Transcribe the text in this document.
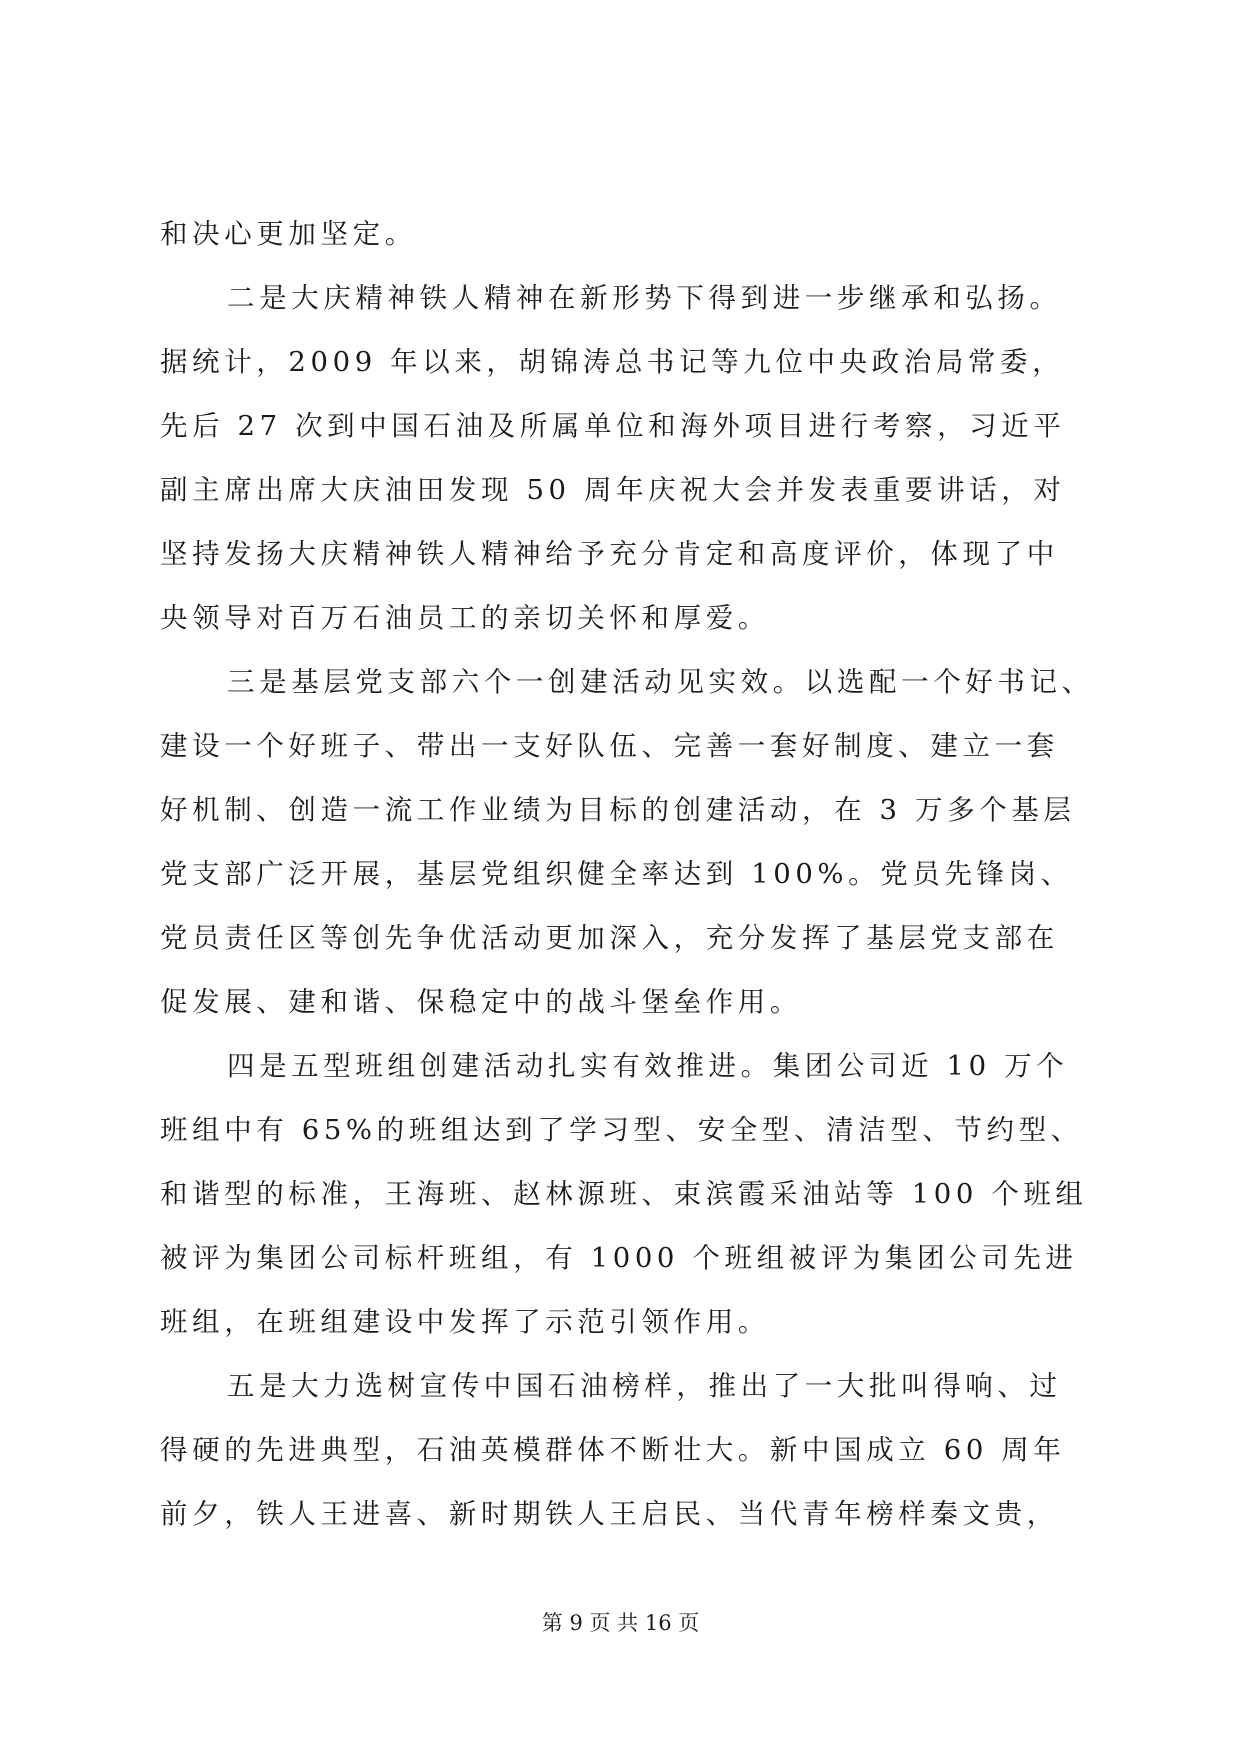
和决心更加坚定。
二是大庆精神铁人精神在新形势下得到进一步继承和弘扬。
据统计，2009 年以来，胡锦涛总书记等九位中央政治局常委，
先后 27 次到中国石油及所属单位和海外项目进行考察，习近平
副主席出席大庆油田发现 50 周年庆祝大会并发表重要讲话，对
坚持发扬大庆精神铁人精神给予充分肯定和高度评价，体现了中
央领导对百万石油员工的亲切关怀和厚爱。
三是基层党支部六个一创建活动见实效。以选配一个好书记、
建设一个好班子、带出一支好队伍、完善一套好制度、建立一套
好机制、创造一流工作业绩为目标的创建活动，在 3 万多个基层
党支部广泛开展，基层党组织健全率达到 100%。党员先锋岗、
党员责任区等创先争优活动更加深入，充分发挥了基层党支部在
促发展、建和谐、保稳定中的战斗堡垒作用。
四是五型班组创建活动扎实有效推进。集团公司近 10 万个
班组中有 65%的班组达到了学习型、安全型、清洁型、节约型、
和谐型的标准，王海班、赵林源班、束滨霞采油站等 100 个班组
被评为集团公司标杆班组，有 1000 个班组被评为集团公司先进
班组，在班组建设中发挥了示范引领作用。
五是大力选树宣传中国石油榜样，推出了一大批叫得响、过
得硬的先进典型，石油英模群体不断壮大。新中国成立 60 周年
前夕，铁人王进喜、新时期铁人王启民、当代青年榜样秦文贵，
第 9 页 共 16 页
